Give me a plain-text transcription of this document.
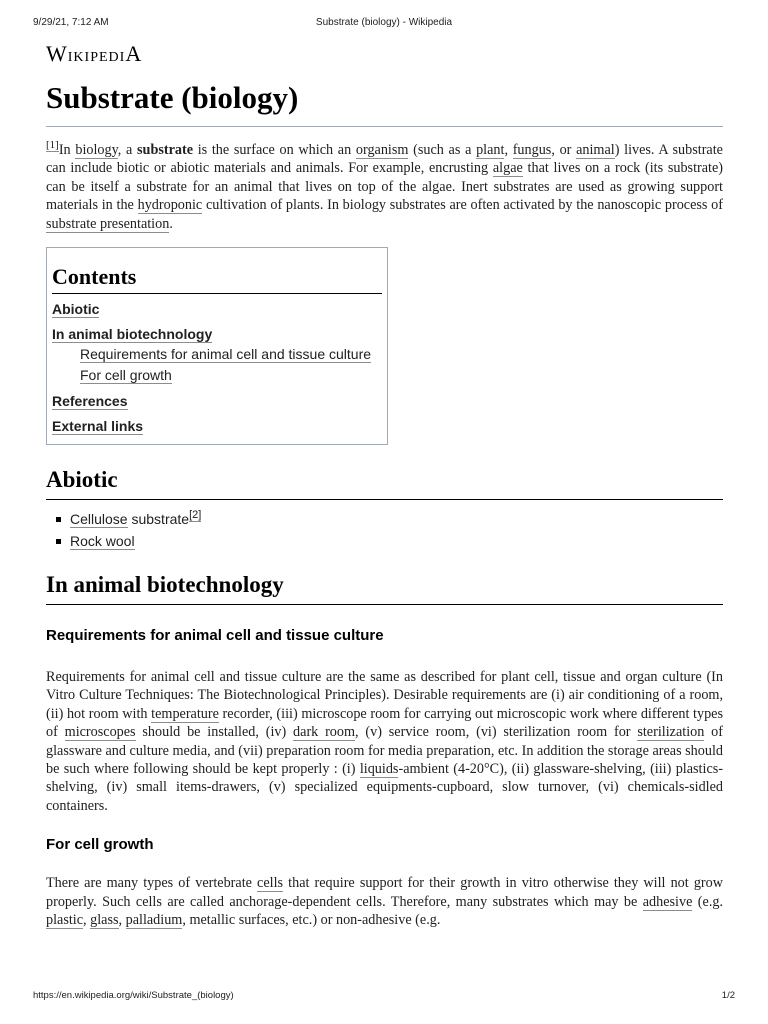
9/29/21, 7:12 AM	Substrate (biology) - Wikipedia
WikipediA
Substrate (biology)

[1]In biology, a substrate is the surface on which an organism (such as a plant, fungus, or animal) lives. A substrate can include biotic or abiotic materials and animals. For example, encrusting algae that lives on a rock (its substrate) can be itself a substrate for an animal that lives on top of the algae. Inert substrates are used as growing support materials in the hydroponic cultivation of plants. In biology substrates are often activated by the nanoscopic process of substrate presentation.

Contents
Abiotic
In animal biotechnology
Requirements for animal cell and tissue culture
For cell growth
References
External links
Abiotic
Cellulose substrate[2]
Rock wool
In animal biotechnology
Requirements for animal cell and tissue culture

Requirements for animal cell and tissue culture are the same as described for plant cell, tissue and organ culture (In Vitro Culture Techniques: The Biotechnological Principles). Desirable requirements are (i) air conditioning of a room, (ii) hot room with temperature recorder, (iii) microscope room for carrying out microscopic work where different types of microscopes should be installed, (iv) dark room, (v) service room, (vi) sterilization room for sterilization of glassware and culture media, and (vii) preparation room for media preparation, etc. In addition the storage areas should be such where following should be kept properly : (i) liquids-ambient (4-20°C), (ii) glassware-shelving, (iii) plastics-shelving, (iv) small items-drawers, (v) specialized equipments-cupboard, slow turnover, (vi) chemicals-sidled containers.

For cell growth

There are many types of vertebrate cells that require support for their growth in vitro otherwise they will not grow properly. Such cells are called anchorage-dependent cells. Therefore, many substrates which may be adhesive (e.g. plastic, glass, palladium, metallic surfaces, etc.) or non-adhesive (e.g.

https://en.wikipedia.org/wiki/Substrate_(biology)	1/2
